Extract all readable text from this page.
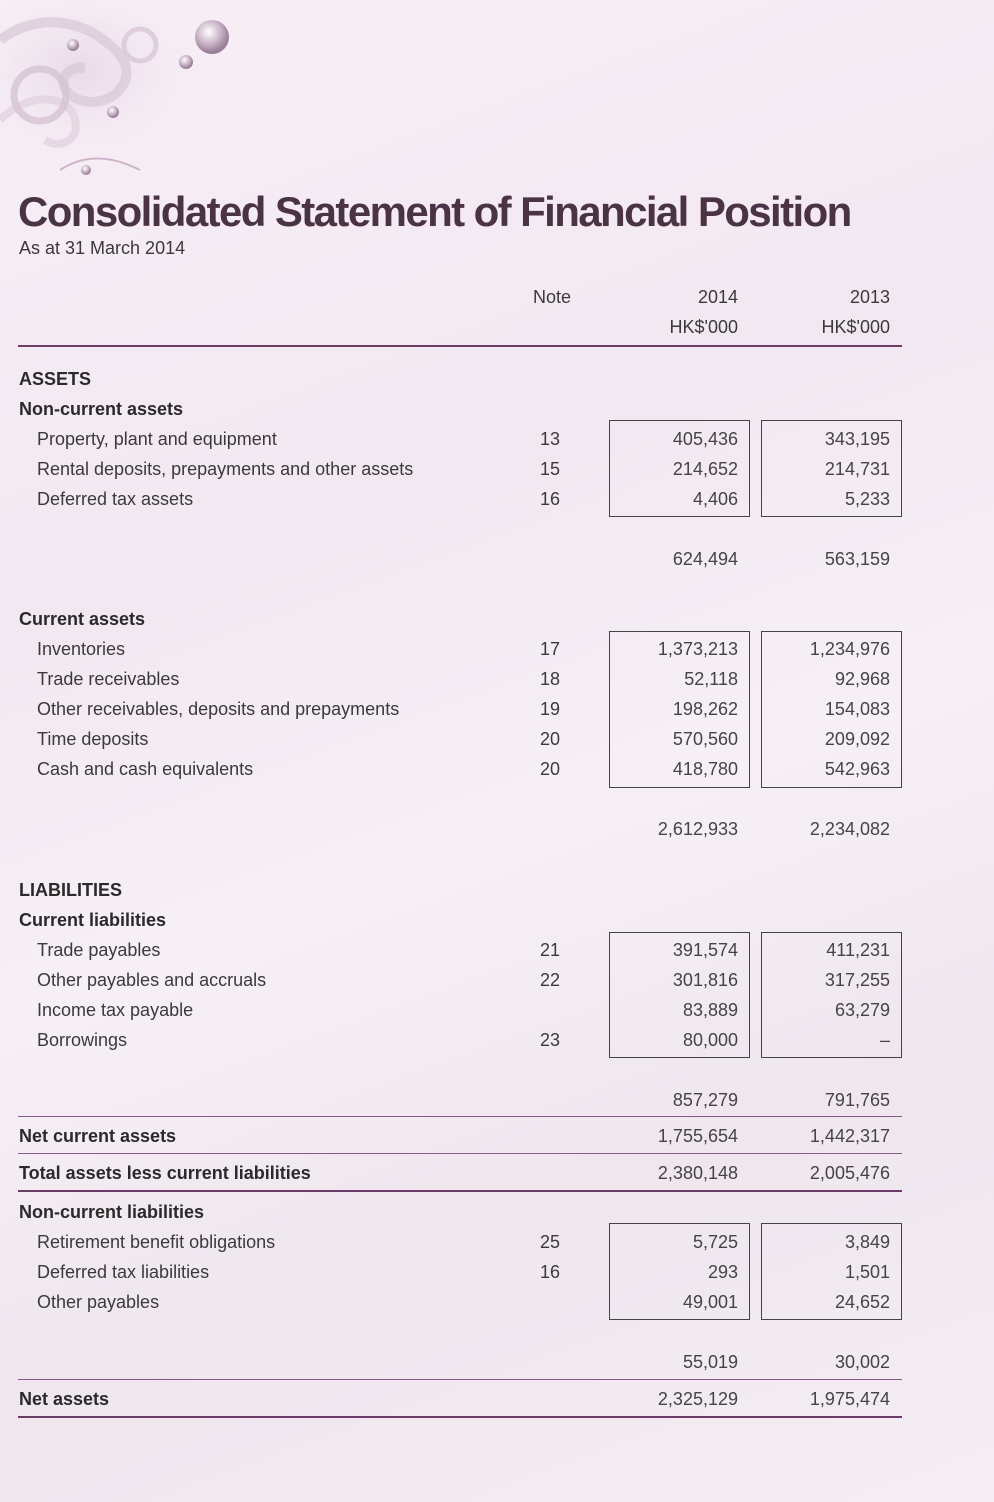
Consolidated Statement of Financial Position
As at 31 March 2014
Note	2014	2013
HK$'000	HK$'000
ASSETS
Non-current assets
Property, plant and equipment	13	405,436	343,195
Rental deposits, prepayments and other assets	15	214,652	214,731
Deferred tax assets	16	4,406	5,233
624,494	563,159
Current assets
Inventories	17	1,373,213	1,234,976
Trade receivables	18	52,118	92,968
Other receivables, deposits and prepayments	19	198,262	154,083
Time deposits	20	570,560	209,092
Cash and cash equivalents	20	418,780	542,963
2,612,933	2,234,082
LIABILITIES
Current liabilities
Trade payables	21	391,574	411,231
Other payables and accruals	22	301,816	317,255
Income tax payable	83,889	63,279
Borrowings	23	80,000	–
857,279	791,765
Net current assets	1,755,654	1,442,317
Total assets less current liabilities	2,380,148	2,005,476
Non-current liabilities
Retirement benefit obligations	25	5,725	3,849
Deferred tax liabilities	16	293	1,501
Other payables	49,001	24,652
55,019	30,002
Net assets	2,325,129	1,975,474
